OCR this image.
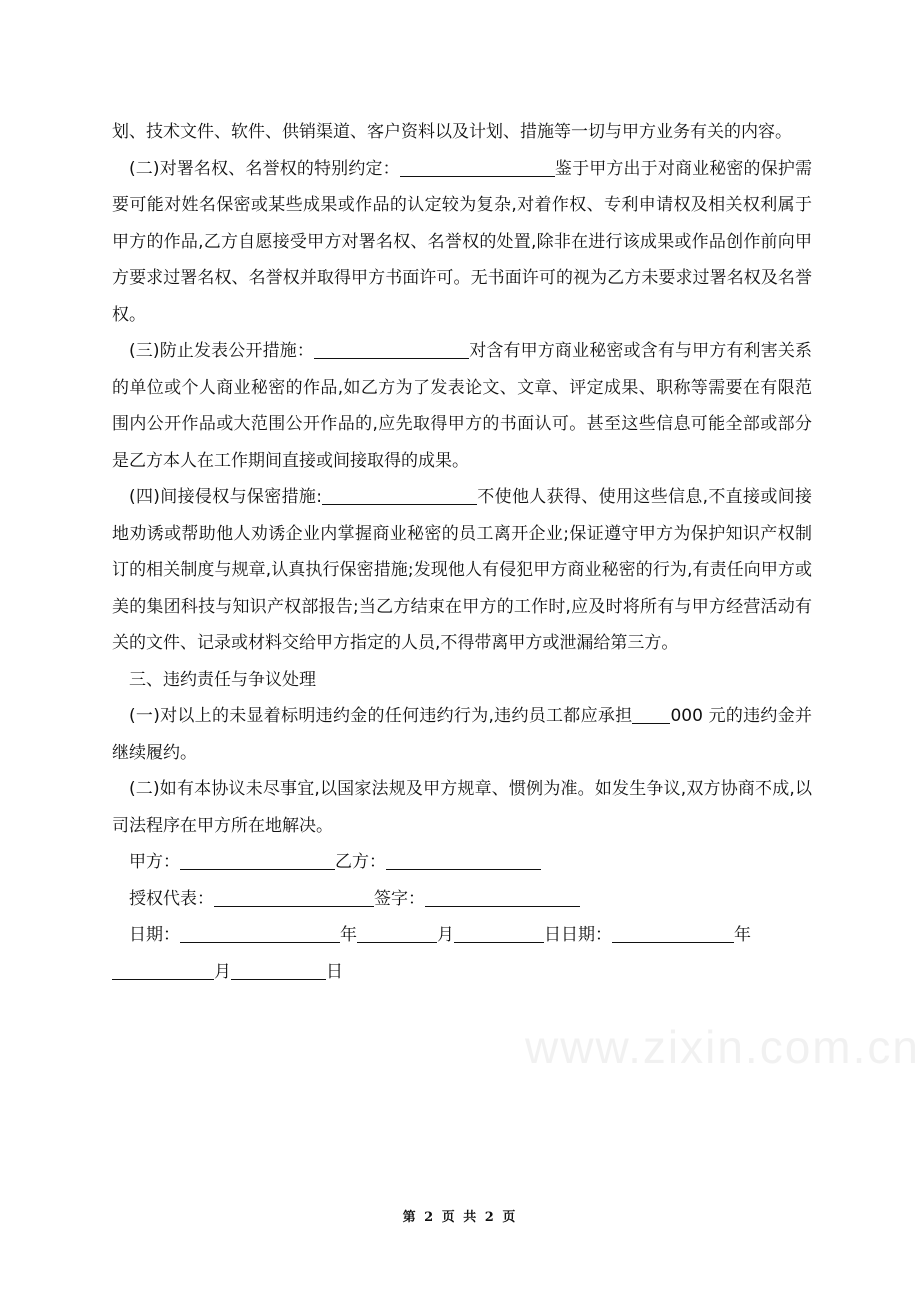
划、技术文件、软件、供销渠道、客户资料以及计划、措施等一切与甲方业务有关的内容。

(二)对署名权、名誉权的特别约定：	鉴于甲方出于对商业秘密的保护需要可能对姓名保密或某些成果或作品的认定较为复杂,对着作权、专利申请权及相关权利属于甲方的作品,乙方自愿接受甲方对署名权、名誉权的处置,除非在进行该成果或作品创作前向甲方要求过署名权、名誉权并取得甲方书面许可。无书面许可的视为乙方未要求过署名权及名誉权。

(三)防止发表公开措施：	对含有甲方商业秘密或含有与甲方有利害关系的单位或个人商业秘密的作品,如乙方为了发表论文、文章、评定成果、职称等需要在有限范围内公开作品或大范围公开作品的,应先取得甲方的书面认可。甚至这些信息可能全部或部分是乙方本人在工作期间直接或间接取得的成果。

(四)间接侵权与保密措施:	不使他人获得、使用这些信息,不直接或间接地劝诱或帮助他人劝诱企业内掌握商业秘密的员工离开企业;保证遵守甲方为保护知识产权制订的相关制度与规章,认真执行保密措施;发现他人有侵犯甲方商业秘密的行为,有责任向甲方或美的集团科技与知识产权部报告;当乙方结束在甲方的工作时,应及时将所有与甲方经营活动有关的文件、记录或材料交给甲方指定的人员,不得带离甲方或泄漏给第三方。

三、违约责任与争议处理

(一)对以上的未显着标明违约金的任何违约行为,违约员工都应承担 000 元的违约金并继续履约。

(二)如有本协议未尽事宜,以国家法规及甲方规章、惯例为准。如发生争议,双方协商不成,以司法程序在甲方所在地解决。

甲方：	乙方：

授权代表：	签字：

日期：	年	月	日日期：	年

月	日

www.zixin.com.cn
第 2 页 共 2 页
